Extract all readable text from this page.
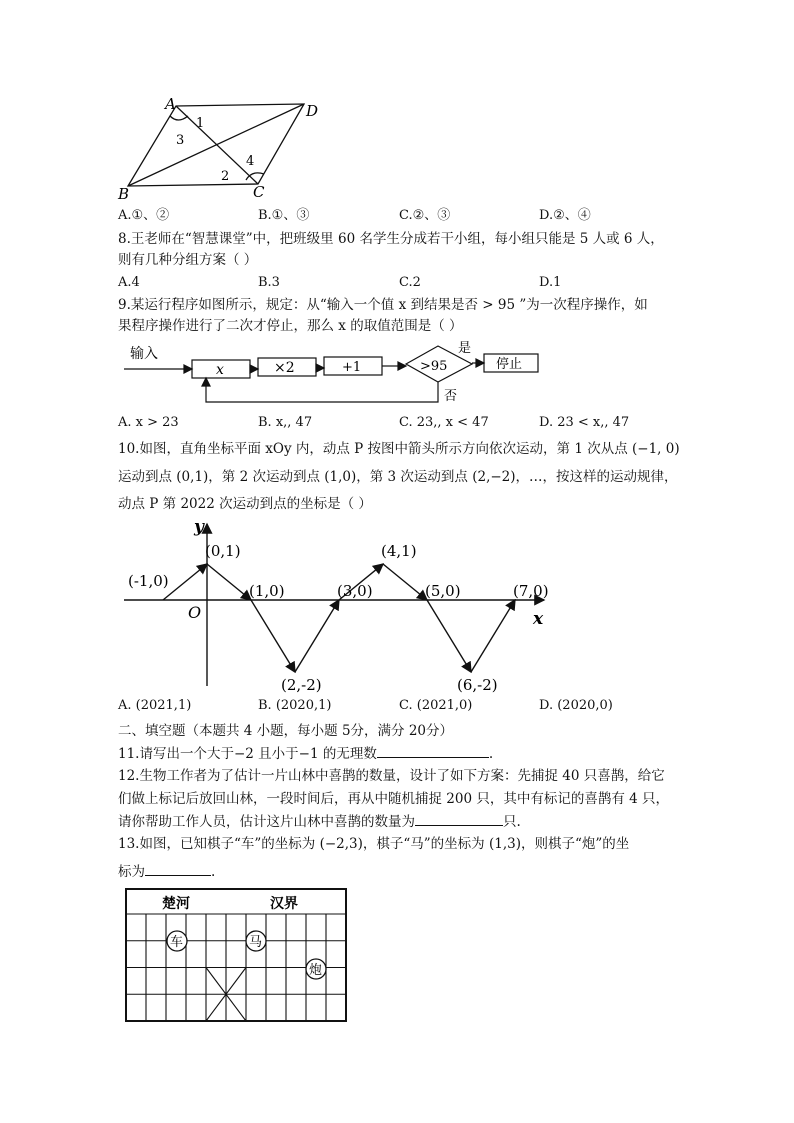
A	D
B	C
1
3
4
2
A.①、②	B.①、③	C.②、③	D.②、④
8.王老师在“智慧课堂”中，把班级里 60 名学生分成若干小组，每小组只能是 5 人或 6 人，
则有几种分组方案（ ）
A.4	B.3	C.2	D.1
9.某运行程序如图所示，规定：从“输入一个值 x 到结果是否 > 95 ”为一次程序操作，如
果程序操作进行了二次才停止，那么 x 的取值范围是（ ）
输入
x	×2	+1	>95
是
停止
否
A. x > 23	B. x,, 47	C. 23,, x < 47	D. 23 < x,, 47
10.如图，直角坐标平面 xOy 内，动点 P 按图中箭头所示方向依次运动，第 1 次从点 (−1, 0)
运动到点 (0,1)，第 2 次运动到点 (1,0)，第 3 次运动到点 (2,−2)，…，按这样的运动规律，
动点 P 第 2022 次运动到点的坐标是（ ）
x
y
O
(-1,0)
(0,1)
(1,0)
(2,-2)
(3,0)
(4,1)
(5,0)
(6,-2)
(7,0)
A. (2021,1)	B. (2020,1)	C. (2021,0)	D. (2020,0)
二、填空题（本题共 4 小题，每小题 5分，满分 20分）
11.请写出一个大于−2 且小于−1 的无理数	.
12.生物工作者为了估计一片山林中喜鹊的数量，设计了如下方案：先捕捉 40 只喜鹊，给它
们做上标记后放回山林，一段时间后，再从中随机捕捉 200 只，其中有标记的喜鹊有 4 只，
请你帮助工作人员，估计这片山林中喜鹊的数量为	只.
13.如图，已知棋子“车”的坐标为 (−2,3)，棋子“马”的坐标为 (1,3)，则棋子“炮”的坐
标为	.
楚河	汉界
车	马
炮
